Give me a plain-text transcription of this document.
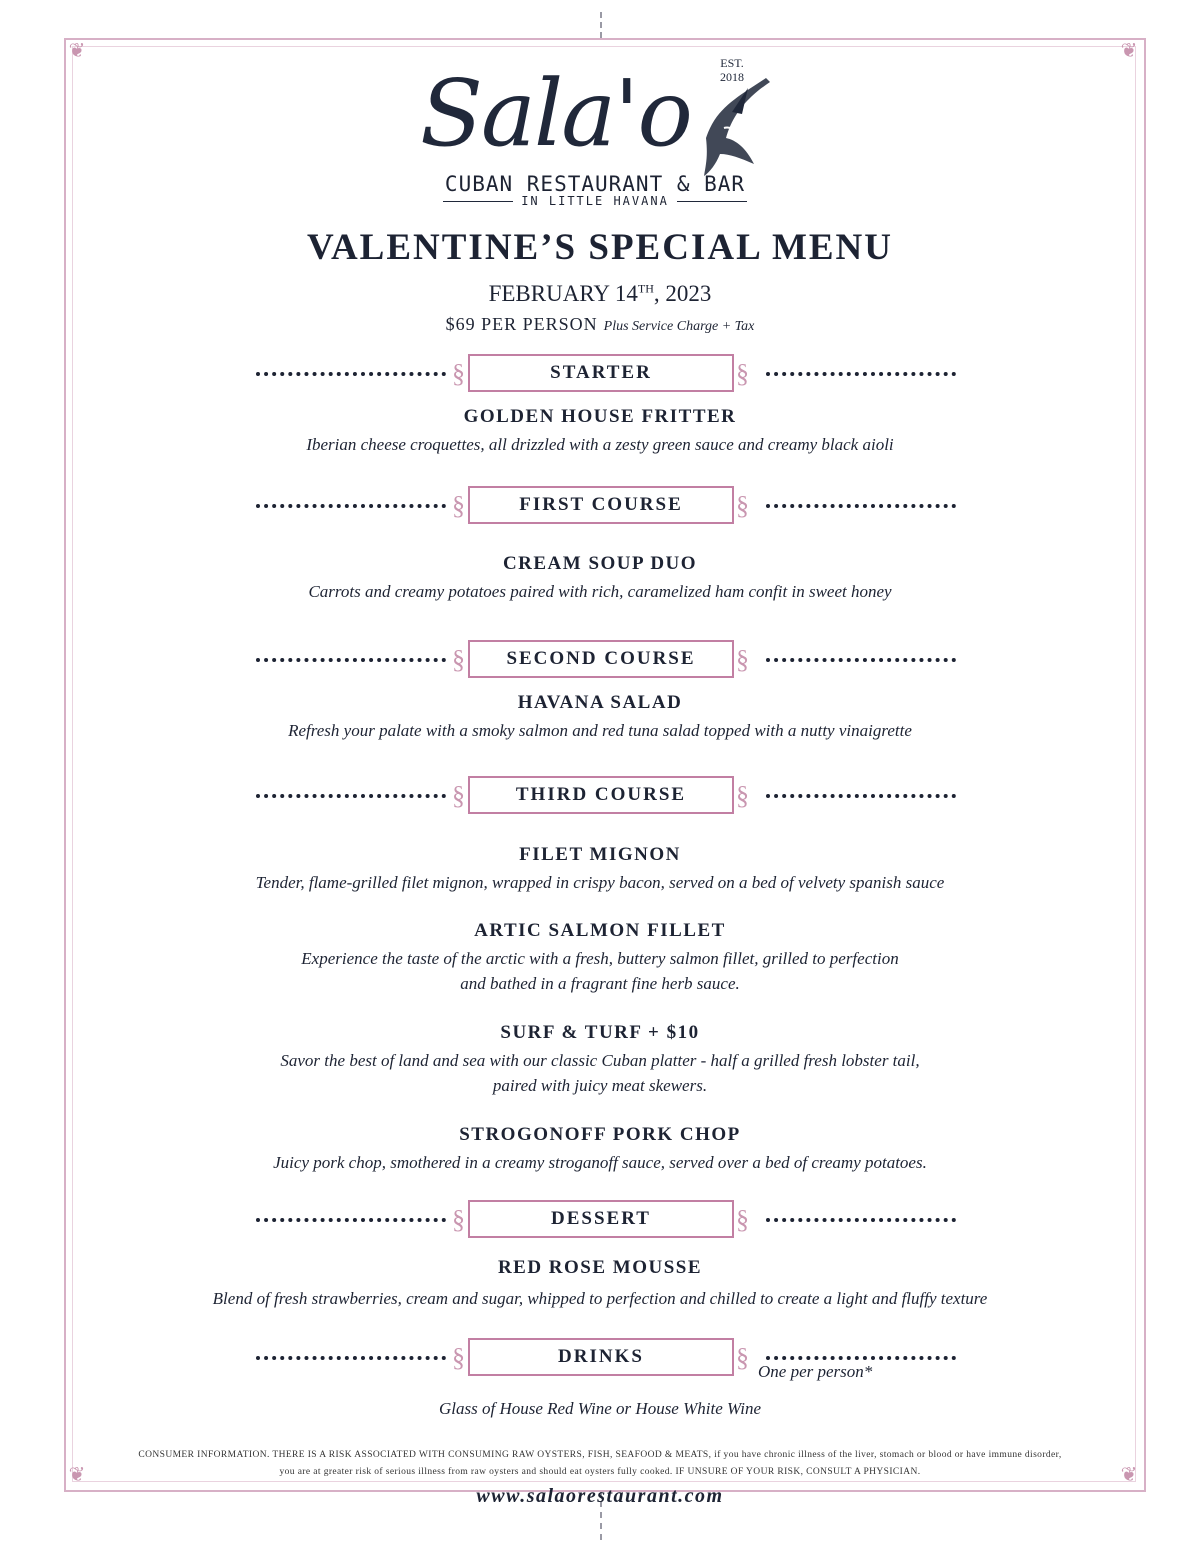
❦	❦
❦	❦
Sala'o EST.
2018
CUBAN RESTAURANT & BAR
IN LITTLE HAVANA
VALENTINE’S SPECIAL MENU
FEBRUARY 14TH, 2023
$69 PER PERSON Plus Service Charge + Tax
§	STARTER	§
GOLDEN HOUSE FRITTER
Iberian cheese croquettes, all drizzled with a zesty green sauce and creamy black aioli
§	FIRST COURSE	§
CREAM SOUP DUO
Carrots and creamy potatoes paired with rich, caramelized ham confit in sweet honey
§	SECOND COURSE	§
HAVANA SALAD
Refresh your palate with a smoky salmon and red tuna salad topped with a nutty vinaigrette
§	THIRD COURSE	§
FILET MIGNON
Tender, flame-grilled filet mignon, wrapped in crispy bacon, served on a bed of velvety spanish sauce
ARTIC SALMON FILLET
Experience the taste of the arctic with a fresh, buttery salmon fillet, grilled to perfection
and bathed in a fragrant fine herb sauce.
SURF & TURF + $10
Savor the best of land and sea with our classic Cuban platter - half a grilled fresh lobster tail,
paired with juicy meat skewers.
STROGONOFF PORK CHOP
Juicy pork chop, smothered in a creamy stroganoff sauce, served over a bed of creamy potatoes.
§	DESSERT	§
RED ROSE MOUSSE
Blend of fresh strawberries, cream and sugar, whipped to perfection and chilled to create a light and fluffy texture
§	DRINKS	§ One per person*
Glass of House Red Wine or House White Wine
CONSUMER INFORMATION. THERE IS A RISK ASSOCIATED WITH CONSUMING RAW OYSTERS, FISH, SEAFOOD & MEATS, if you have chronic illness of the liver, stomach or blood or have immune disorder,
you are at greater risk of serious illness from raw oysters and should eat oysters fully cooked. IF UNSURE OF YOUR RISK, CONSULT A PHYSICIAN.
www.salaorestaurant.com
